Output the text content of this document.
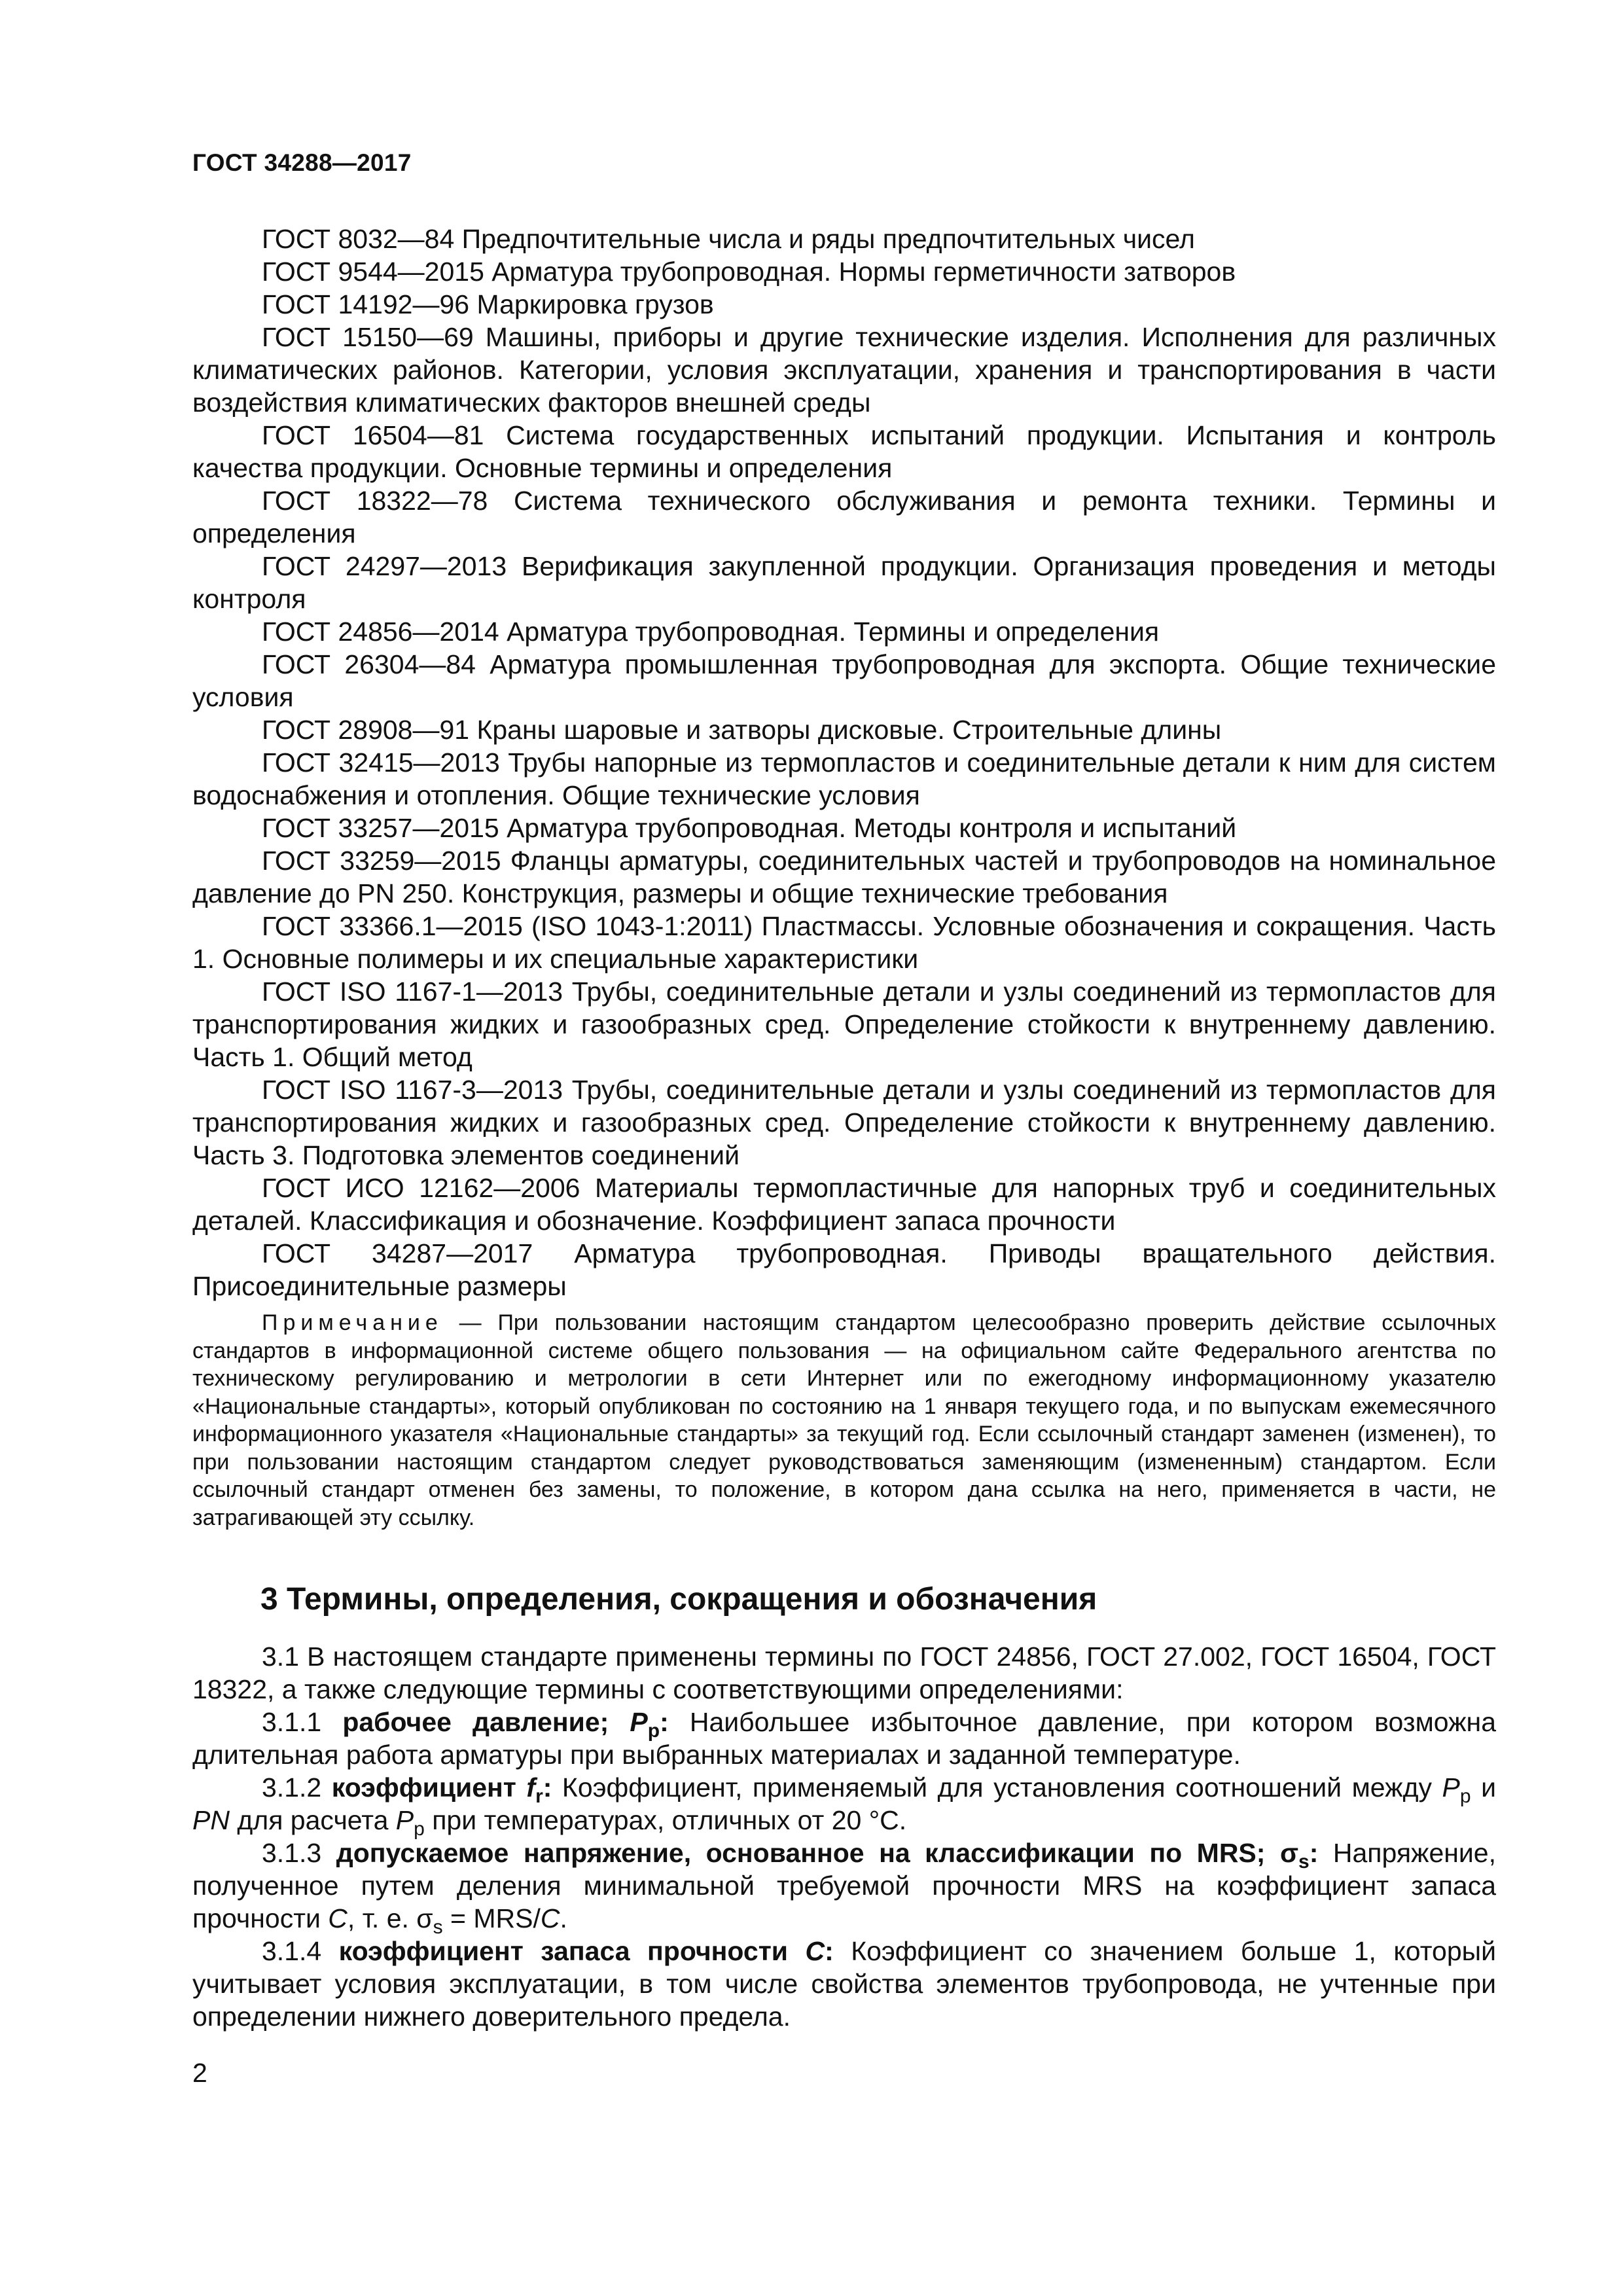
ГОСТ 34288—2017

ГОСТ 8032—84 Предпочтительные числа и ряды предпочтительных чисел

ГОСТ 9544—2015 Арматура трубопроводная. Нормы герметичности затворов

ГОСТ 14192—96 Маркировка грузов

ГОСТ 15150—69 Машины, приборы и другие технические изделия. Исполнения для различных климатических районов. Категории, условия эксплуатации, хранения и транспортирования в части воздействия климатических факторов внешней среды

ГОСТ 16504—81 Система государственных испытаний продукции. Испытания и контроль качества продукции. Основные термины и определения

ГОСТ 18322—78 Система технического обслуживания и ремонта техники. Термины и определения

ГОСТ 24297—2013 Верификация закупленной продукции. Организация проведения и методы контроля

ГОСТ 24856—2014 Арматура трубопроводная. Термины и определения

ГОСТ 26304—84 Арматура промышленная трубопроводная для экспорта. Общие технические условия

ГОСТ 28908—91 Краны шаровые и затворы дисковые. Строительные длины

ГОСТ 32415—2013 Трубы напорные из термопластов и соединительные детали к ним для систем водоснабжения и отопления. Общие технические условия

ГОСТ 33257—2015 Арматура трубопроводная. Методы контроля и испытаний

ГОСТ 33259—2015 Фланцы арматуры, соединительных частей и трубопроводов на номинальное давление до PN 250. Конструкция, размеры и общие технические требования

ГОСТ 33366.1—2015 (ISO 1043-1:2011) Пластмассы. Условные обозначения и сокращения. Часть 1. Основные полимеры и их специальные характеристики

ГОСТ ISO 1167-1—2013 Трубы, соединительные детали и узлы соединений из термопластов для транспортирования жидких и газообразных сред. Определение стойкости к внутреннему давлению. Часть 1. Общий метод

ГОСТ ISO 1167-3—2013 Трубы, соединительные детали и узлы соединений из термопластов для транспортирования жидких и газообразных сред. Определение стойкости к внутреннему давлению. Часть 3. Подготовка элементов соединений

ГОСТ ИСО 12162—2006 Материалы термопластичные для напорных труб и соединительных деталей. Классификация и обозначение. Коэффициент запаса прочности

ГОСТ 34287—2017 Арматура трубопроводная. Приводы вращательного действия. Присоединительные размеры

Примечание — При пользовании настоящим стандартом целесообразно проверить действие ссылочных стандартов в информационной системе общего пользования — на официальном сайте Федерального агентства по техническому регулированию и метрологии в сети Интернет или по ежегодному информационному указателю «Национальные стандарты», который опубликован по состоянию на 1 января текущего года, и по выпускам ежемесячного информационного указателя «Национальные стандарты» за текущий год. Если ссылочный стандарт заменен (изменен), то при пользовании настоящим стандартом следует руководствоваться заменяющим (измененным) стандартом. Если ссылочный стандарт отменен без замены, то положение, в котором дана ссылка на него, применяется в части, не затрагивающей эту ссылку.

3 Термины, определения, сокращения и обозначения

3.1 В настоящем стандарте применены термины по ГОСТ 24856, ГОСТ 27.002, ГОСТ 16504, ГОСТ 18322, а также следующие термины с соответствующими определениями:

3.1.1 рабочее давление; $P_p$: Наибольшее избыточное давление, при котором возможна длительная работа арматуры при выбранных материалах и заданной температуре.

3.1.2 коэффициент $f_r$: Коэффициент, применяемый для установления соотношений между $P_p$ и PN для расчета $P_p$ при температурах, отличных от 20 °С.

3.1.3 допускаемое напряжение, основанное на классификации по MRS; $\sigma_s$: Напряжение, полученное путем деления минимальной требуемой прочности MRS на коэффициент запаса прочности C, т. е. $\sigma_s = MRS/C$.

3.1.4 коэффициент запаса прочности C: Коэффициент со значением больше 1, который учитывает условия эксплуатации, в том числе свойства элементов трубопровода, не учтенные при определении нижнего доверительного предела.

2
